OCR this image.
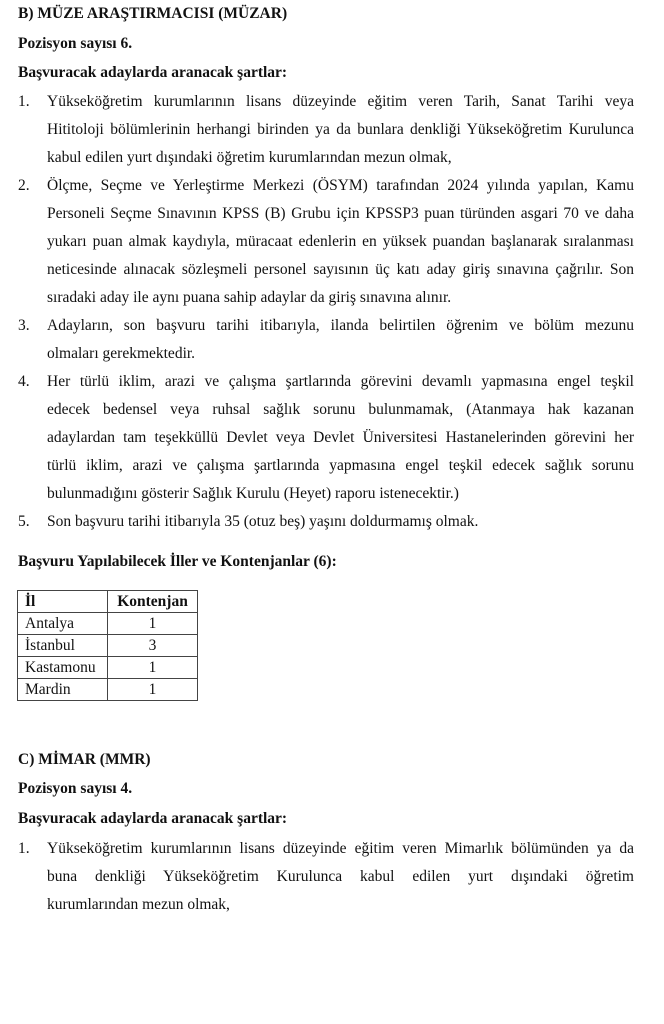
B) MÜZE ARAŞTIRMACISI (MÜZAR)
Pozisyon sayısı 6.
Başvuracak adaylarda aranacak şartlar:
1. Yükseköğretim kurumlarının lisans düzeyinde eğitim veren Tarih, Sanat Tarihi veya
Hititoloji bölümlerinin herhangi birinden ya da bunlara denkliği Yükseköğretim Kurulunca
kabul edilen yurt dışındaki öğretim kurumlarından mezun olmak,
2. Ölçme, Seçme ve Yerleştirme Merkezi (ÖSYM) tarafından 2024 yılında yapılan, Kamu
Personeli Seçme Sınavının KPSS (B) Grubu için KPSSP3 puan türünden asgari 70 ve daha
yukarı puan almak kaydıyla, müracaat edenlerin en yüksek puandan başlanarak sıralanması
neticesinde alınacak sözleşmeli personel sayısının üç katı aday giriş sınavına çağrılır. Son
sıradaki aday ile aynı puana sahip adaylar da giriş sınavına alınır.
3. Adayların, son başvuru tarihi itibarıyla, ilanda belirtilen öğrenim ve bölüm mezunu
olmaları gerekmektedir.
4. Her türlü iklim, arazi ve çalışma şartlarında görevini devamlı yapmasına engel teşkil
edecek bedensel veya ruhsal sağlık sorunu bulunmamak, (Atanmaya hak kazanan
adaylardan tam teşekküllü Devlet veya Devlet Üniversitesi Hastanelerinden görevini her
türlü iklim, arazi ve çalışma şartlarında yapmasına engel teşkil edecek sağlık sorunu
bulunmadığını gösterir Sağlık Kurulu (Heyet) raporu istenecektir.)
5. Son başvuru tarihi itibarıyla 35 (otuz beş) yaşını doldurmamış olmak.
Başvuru Yapılabilecek İller ve Kontenjanlar (6):
İl	Kontenjan
Antalya	1
İstanbul	3
Kastamonu	1
Mardin	1
C) MİMAR (MMR)
Pozisyon sayısı 4.
Başvuracak adaylarda aranacak şartlar:
1. Yükseköğretim kurumlarının lisans düzeyinde eğitim veren Mimarlık bölümünden ya da
buna denkliği Yükseköğretim Kurulunca kabul edilen yurt dışındaki öğretim
kurumlarından mezun olmak,
